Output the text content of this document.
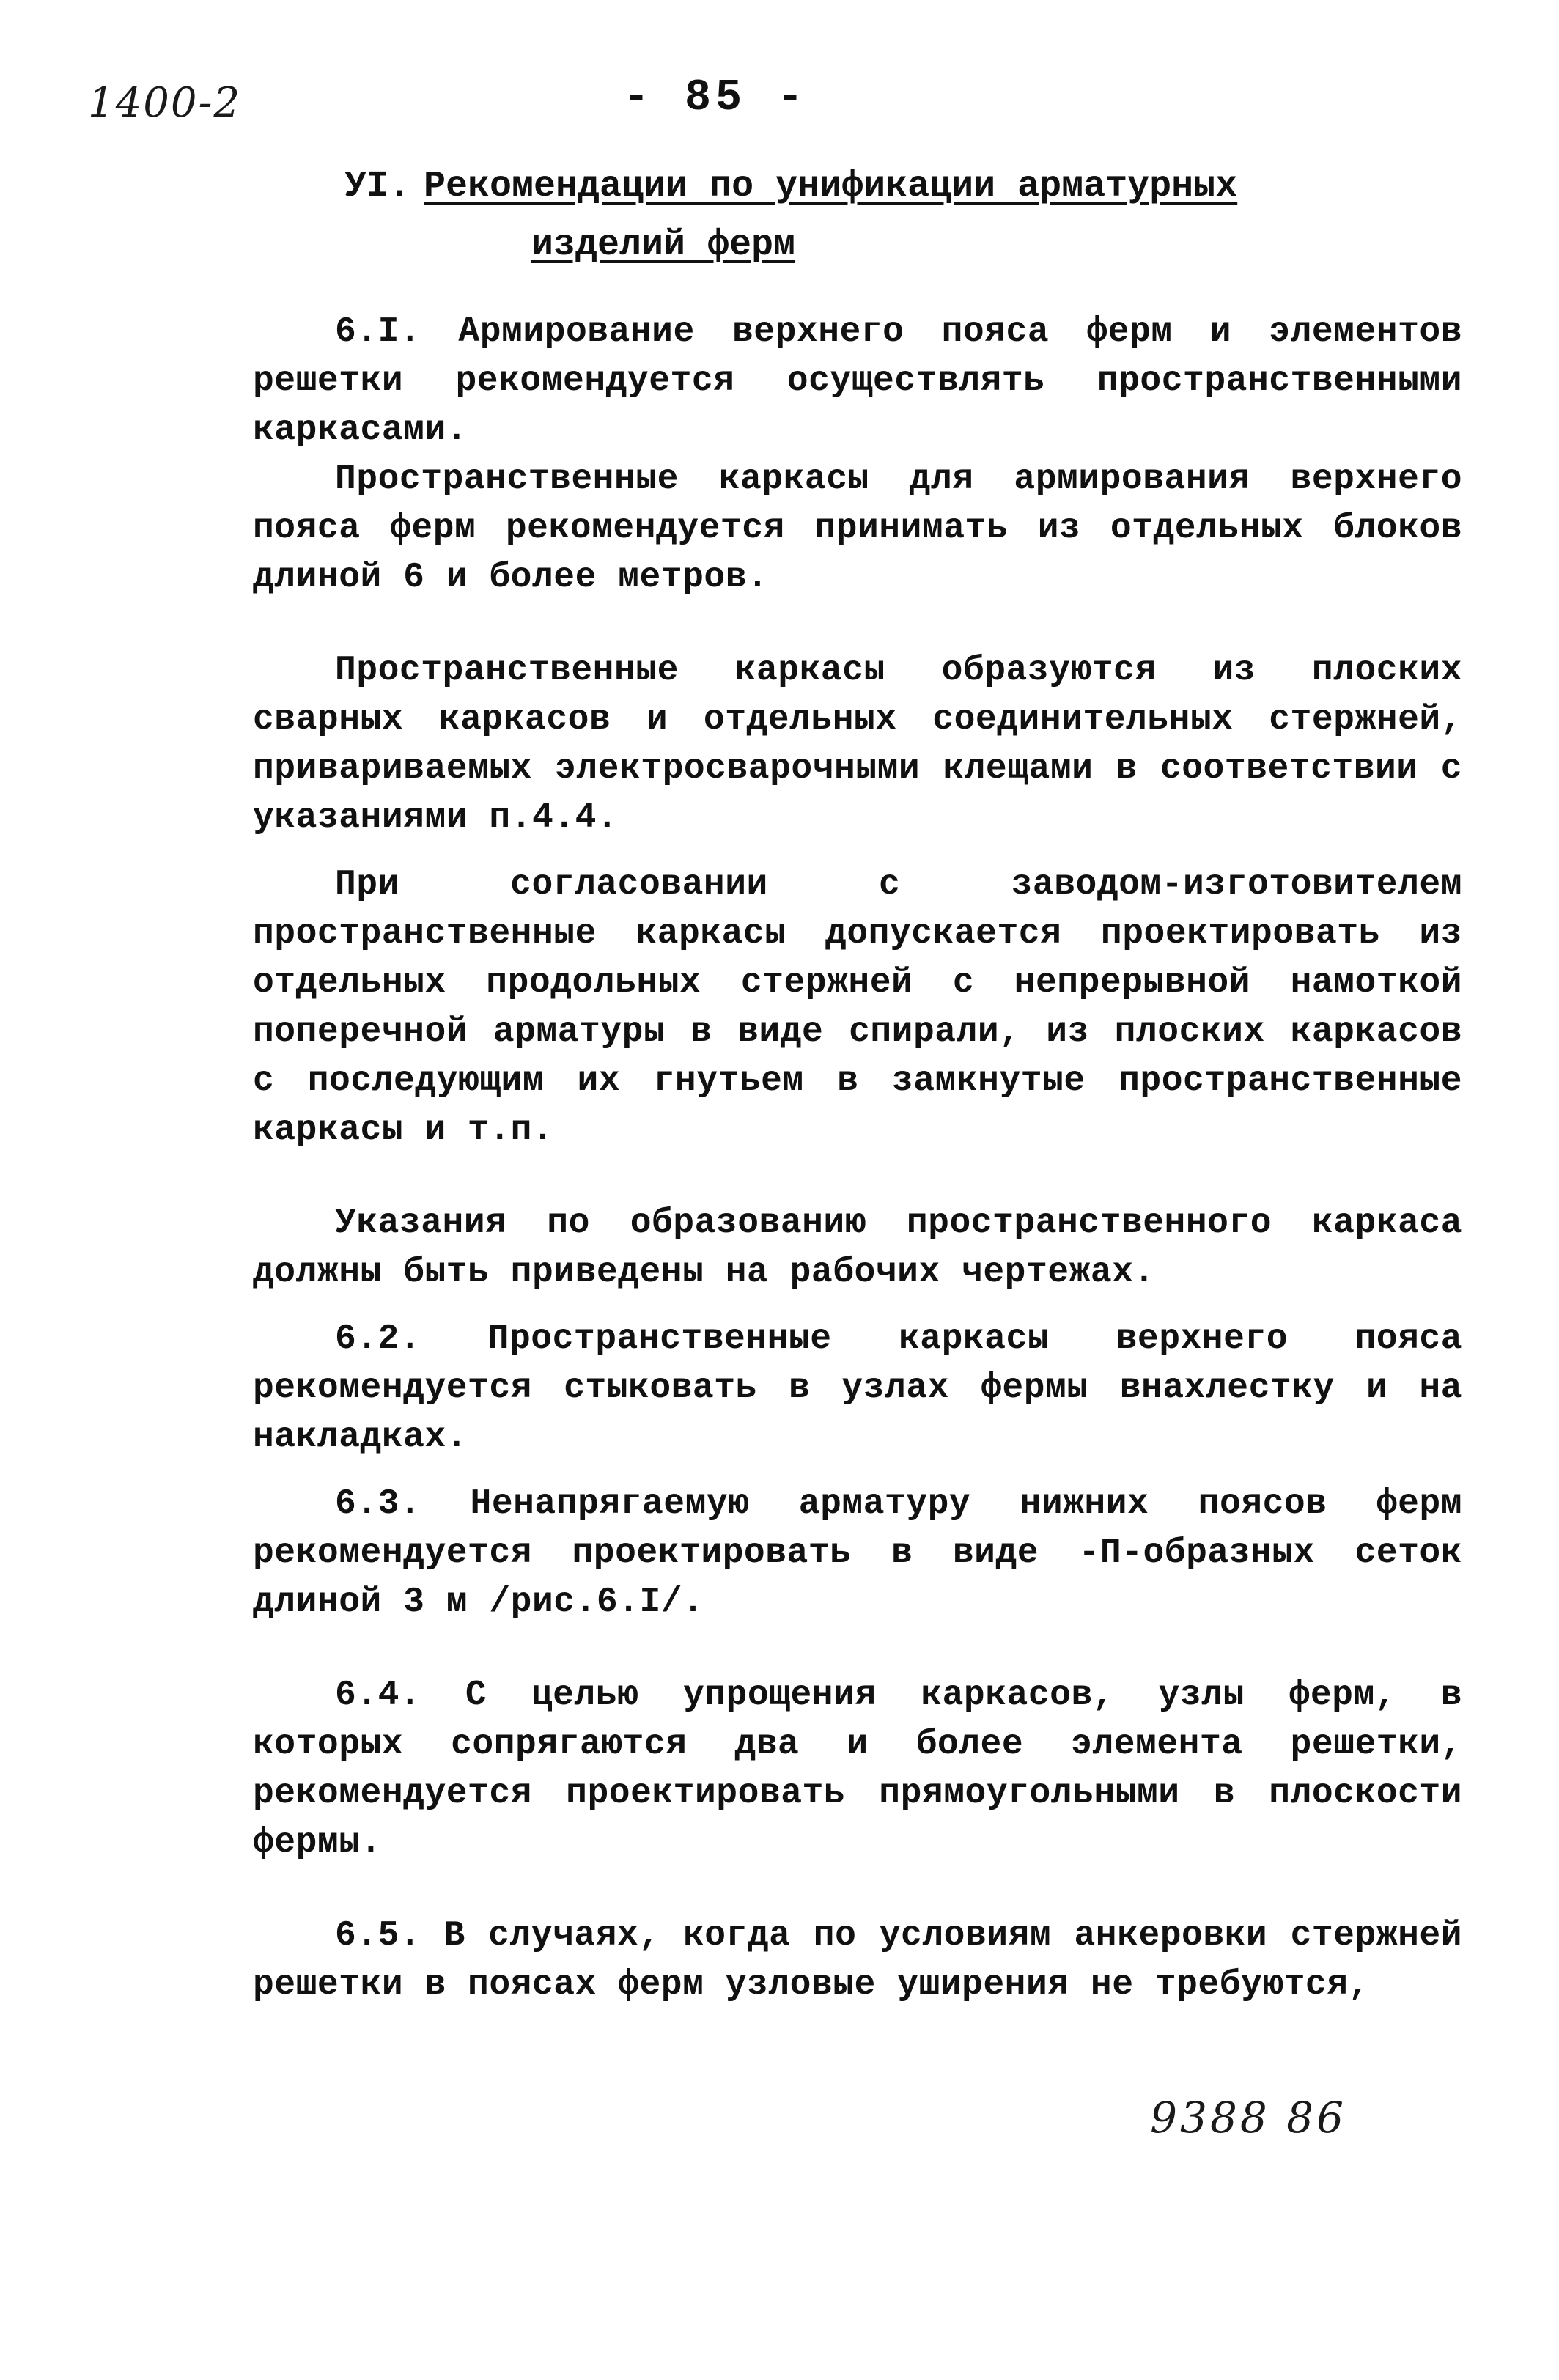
1400-2	- 85 -
УI. Рекомендации по унификации арматурных
изделий ферм

6.I. Армирование верхнего пояса ферм и элементов решетки рекомендуется осуществлять пространственными каркасами.

Пространственные каркасы для армирования верхнего пояса ферм рекомендуется принимать из отдельных блоков длиной 6 и более метров.

Пространственные каркасы образуются из плоских сварных каркасов и отдельных соединительных стержней, привариваемых электросварочными клещами в соответствии с указаниями п.4.4.

При согласовании с заводом-изготовителем пространственные каркасы допускается проектировать из отдельных продольных стержней с непрерывной намоткой поперечной арматуры в виде спирали, из плоских каркасов с последующим их гнутьем в замкнутые пространственные каркасы и т.п.

Указания по образованию пространственного каркаса должны быть приведены на рабочих чертежах.

6.2. Пространственные каркасы верхнего пояса рекомендуется стыковать в узлах фермы внахлестку и на накладках.

6.3. Ненапрягаемую арматуру нижних поясов ферм рекомендуется проектировать в виде -П-образных сеток длиной 3 м /рис.6.I/.

6.4. С целью упрощения каркасов, узлы ферм, в которых сопрягаются два и более элемента решетки, рекомендуется проектировать прямоугольными в плоскости фермы.

6.5. В случаях, когда по условиям анкеровки стержней решетки в поясах ферм узловые уширения не требуются,

9388 86
